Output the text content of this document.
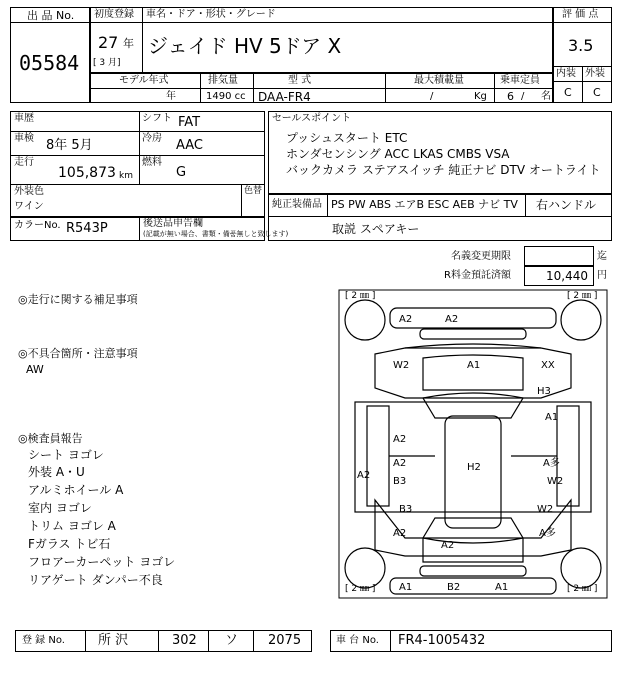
出 品 No.
05584
初度登録 車名・ドア・形状・グレード
27 年
[ 3 月]
ジェイド HV 5ドア X
評 価 点
3.5
内装 外装
C C
モデル年式	排気量	型 式	最大積載量	乗車定員
年	1490 cc DAA-FR4	/	Kg 6 / 名
車歴	シフト FAT
車検 8年 5月	冷房 AAC
走行
105,873 km
燃料
G
外装色
ワイン
色替
カラーNo. R543P	後送品申告欄
(記載が無い場合、書類・備품無しと致します)
セールスポイント
プッシュスタート ETC
ホンダセンシング ACC LKAS CMBS VSA
バックカメラ ステアスイッチ 純正ナビ DTV オートライト
純正装備品 PS PW ABS エアB ESC AEB ナビ TV 右ハンドル
取説 スペアキー
名義変更期限	迄
R料金預託済額	10,440 円
◎走行に関する補足事項
◎不具合箇所・注意事項
AW
◎検査員報告
シート ヨゴレ
外装 A・U
アルミホイール A
室内 ヨゴレ
トリム ヨゴレ A
Fガラス トビ石
フロアーカーペット ヨゴレ
リアゲート ダンパー不良
[ 2 ㎜ ]	[ 2 ㎜ ]
[ 2 ㎜ ]	[ 2 ㎜ ]
A2	A2
W2	A1	XX
H3
A1
A2
A2
A2
B3
H2	A多
W2
B3	W2
A2	A多
A2
A1	B2	A1
登 録 No.	所 沢	302 ソ 2075	車 台 No. FR4-1005432
